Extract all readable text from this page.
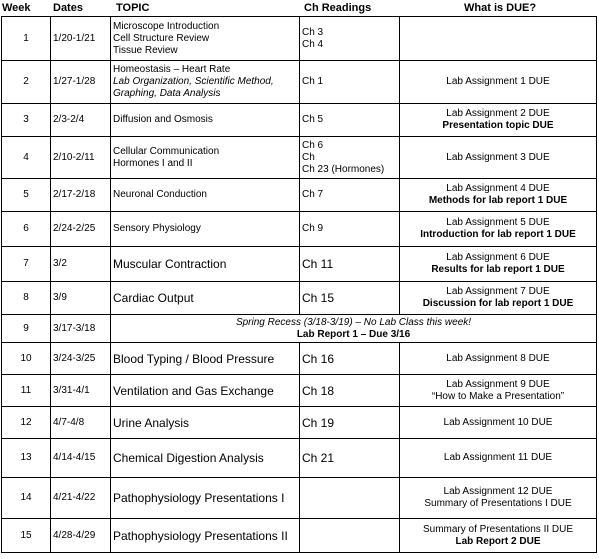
Week Dates	TOPIC	Ch Readings	What is DUE?
1	1/20-1/21	Microscope Introduction
Cell Structure Review
Tissue Review	Ch 3
Ch 4	

2	1/27-1/28	Homeostasis – Heart Rate
Lab Organization, Scientific Method,
Graphing, Data Analysis	Ch 1	Lab Assignment 1 DUE

3	2/3-2/4	Diffusion and Osmosis	Ch 5	Lab Assignment 2 DUE
Presentation topic DUE

4	2/10-2/11	Cellular Communication
Hormones I and II	Ch 6
Ch
Ch 23 (Hormones)	Lab Assignment 3 DUE

5	2/17-2/18	Neuronal Conduction	Ch 7	Lab Assignment 4 DUE
Methods for lab report 1 DUE

6	2/24-2/25	Sensory Physiology	Ch 9	Lab Assignment 5 DUE
Introduction for lab report 1 DUE

7	3/2	Muscular Contraction	Ch 11	Lab Assignment 6 DUE
Results for lab report 1 DUE

8	3/9	Cardiac Output	Ch 15	Lab Assignment 7 DUE
Discussion for lab report 1 DUE

9	3/17-3/18	Spring Recess (3/18-3/19) – No Lab Class this week!
Lab Report 1 – Due 3/16		

10	3/24-3/25	Blood Typing / Blood Pressure	Ch 16	Lab Assignment 8 DUE

11	3/31-4/1	Ventilation and Gas Exchange	Ch 18	Lab Assignment 9 DUE
“How to Make a Presentation”

12	4/7-4/8	Urine Analysis	Ch 19	Lab Assignment 10 DUE

13	4/14-4/15	Chemical Digestion Analysis	Ch 21	Lab Assignment 11 DUE

14	4/21-4/22	Pathophysiology Presentations I		Lab Assignment 12 DUE
Summary of Presentations I DUE

15	4/28-4/29	Pathophysiology Presentations II		Summary of Presentations II DUE
Lab Report 2 DUE
